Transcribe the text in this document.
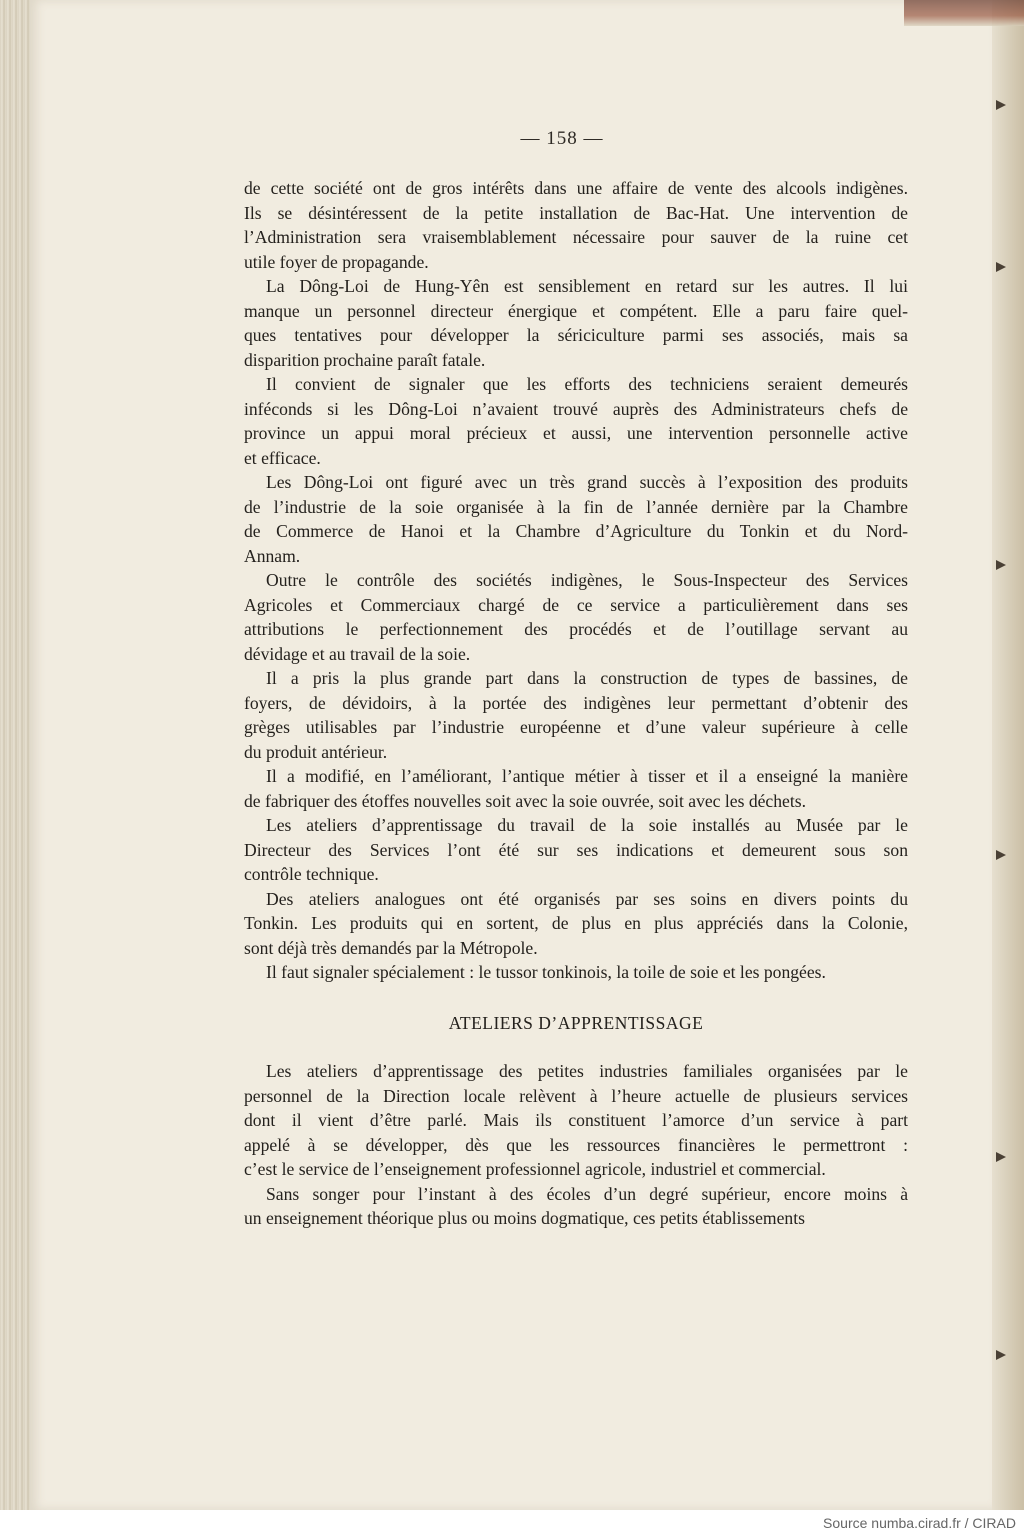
— 158 —
de cette société ont de gros intérêts dans une affaire de vente des alcools indigènes.
Ils se désintéressent de la petite installation de Bac-Hat. Une intervention de
l’Administration sera vraisemblablement nécessaire pour sauver de la ruine cet
utile foyer de propagande.
La Dông-Loi de Hung-Yên est sensiblement en retard sur les autres. Il lui
manque un personnel directeur énergique et compétent. Elle a paru faire quel-
ques tentatives pour développer la sériciculture parmi ses associés, mais sa
disparition prochaine paraît fatale.
Il convient de signaler que les efforts des techniciens seraient demeurés
inféconds si les Dông-Loi n’avaient trouvé auprès des Administrateurs chefs de
province un appui moral précieux et aussi, une intervention personnelle active
et efficace.
Les Dông-Loi ont figuré avec un très grand succès à l’exposition des produits
de l’industrie de la soie organisée à la fin de l’année dernière par la Chambre
de Commerce de Hanoi et la Chambre d’Agriculture du Tonkin et du Nord-
Annam.
Outre le contrôle des sociétés indigènes, le Sous-Inspecteur des Services
Agricoles et Commerciaux chargé de ce service a particulièrement dans ses
attributions le perfectionnement des procédés et de l’outillage servant au
dévidage et au travail de la soie.
Il a pris la plus grande part dans la construction de types de bassines, de
foyers, de dévidoirs, à la portée des indigènes leur permettant d’obtenir des
grèges utilisables par l’industrie européenne et d’une valeur supérieure à celle
du produit antérieur.
Il a modifié, en l’améliorant, l’antique métier à tisser et il a enseigné la manière
de fabriquer des étoffes nouvelles soit avec la soie ouvrée, soit avec les déchets.
Les ateliers d’apprentissage du travail de la soie installés au Musée par le
Directeur des Services l’ont été sur ses indications et demeurent sous son
contrôle technique.
Des ateliers analogues ont été organisés par ses soins en divers points du
Tonkin. Les produits qui en sortent, de plus en plus appréciés dans la Colonie,
sont déjà très demandés par la Métropole.
Il faut signaler spécialement : le tussor tonkinois, la toile de soie et les pongées.
ATELIERS D’APPRENTISSAGE
Les ateliers d’apprentissage des petites industries familiales organisées par le
personnel de la Direction locale relèvent à l’heure actuelle de plusieurs services
dont il vient d’être parlé. Mais ils constituent l’amorce d’un service à part
appelé à se développer, dès que les ressources financières le permettront :
c’est le service de l’enseignement professionnel agricole, industriel et commercial.
Sans songer pour l’instant à des écoles d’un degré supérieur, encore moins à
un enseignement théorique plus ou moins dogmatique, ces petits établissements
Source numba.cirad.fr / CIRAD
